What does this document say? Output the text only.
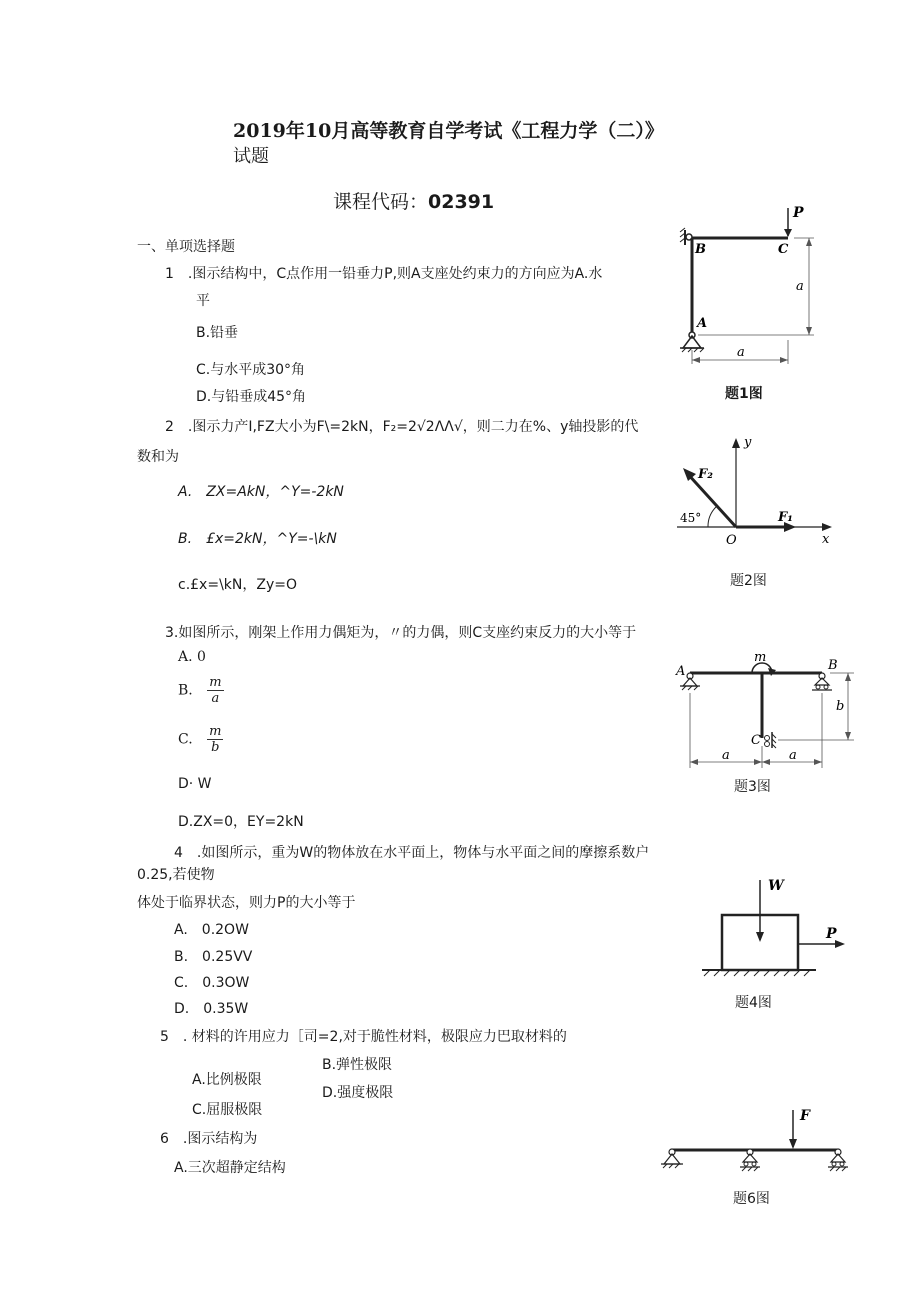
2019年10月高等教育自学考试《工程力学（二）》
试题
课程代码：02391
一、单项选择题
1　.图示结构中，C点作用一铅垂力P,则A支座处约束力的方向应为A.水
平
B.铅垂
C.与水平成30°角
D.与铅垂成45°角
P
B	C
A
a
a
题1图
2　.图示力产I,FZ大小为F\=2kN，F₂=2√2ΛΛ√，则二力在%、y轴投影的代
数和为
A.　ZX=AkN，^Y=-2kN
B.　£x=2kN，^Y=-\kN
c.£x=\kN，Zy=O
y
x
O
F₁
F₂
45°
题2图
3.如图所示，刚架上作用力偶矩为，〃的力偶，则C支座约束反力的大小等于
A. 0
B. $\frac{m}{a}$
C. $\frac{m}{b}$
D· W
D.ZX=0，EY=2kN
A	B
C
m
b
a	a
题3图
4　.如图所示，重为W的物体放在水平面上，物体与水平面之间的摩擦系数户
0.25,若使物
体处于临界状态，则力P的大小等于
A.　0.2OW
B.　0.25VV
C.　0.3OW
D.　0.35W
W
P
题4图
5　. 材料的许用应力［司=2,对于脆性材料，极限应力巴取材料的
B.弹性极限
A.比例极限
D.强度极限
C.屈服极限
6　.图示结构为
A.三次超静定结构
F
题6图
